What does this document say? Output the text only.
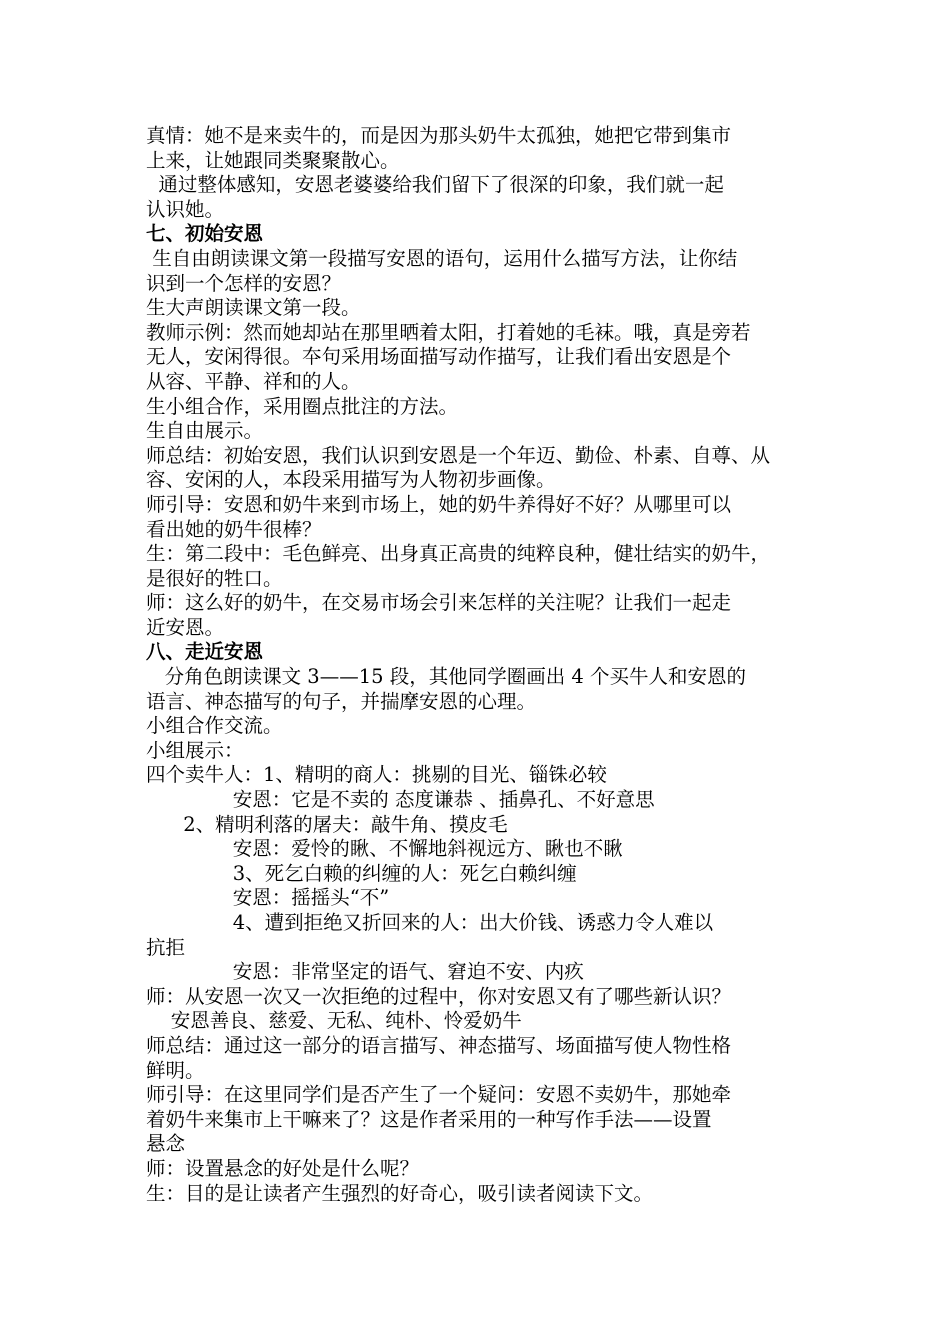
真情：她不是来卖牛的，而是因为那头奶牛太孤独，她把它带到集市
上来，让她跟同类聚聚散心。
通过整体感知，安恩老婆婆给我们留下了很深的印象，我们就一起
认识她。
七、初始安恩
生自由朗读课文第一段描写安恩的语句，运用什么描写方法，让你结
识到一个怎样的安恩？
生大声朗读课文第一段。
教师示例：然而她却站在那里晒着太阳，打着她的毛袜。哦，真是旁若
无人，安闲得很。夲句采用场面描写动作描写，让我们看出安恩是个
从容、平静、祥和的人。
生小组合作，采用圈点批注的方法。
生自由展示。
师总结：初始安恩，我们认识到安恩是一个年迈、勤俭、朴素、自尊、从
容、安闲的人，本段采用描写为人物初步画像。
师引导：安恩和奶牛来到市场上，她的奶牛养得好不好？从哪里可以
看出她的奶牛很棒？
生：第二段中：毛色鲜亮、出身真正高贵的纯粹良种，健壮结实的奶牛，
是很好的牲口。
师：这么好的奶牛，在交易市场会引来怎样的关注呢？让我们一起走
近安恩。
八、走近安恩
分角色朗读课文 3——15 段，其他同学圈画出 4 个买牛人和安恩的
语言、神态描写的句子，并揣摩安恩的心理。
小组合作交流。
小组展示：
四个卖牛人：1、精明的商人：挑剔的目光、锱铢必较
安恩：它是不卖的 态度谦恭 、插鼻孔、不好意思
2、精明利落的屠夫：敲牛角、摸皮毛
安恩：爱怜的瞅、不懈地斜视远方、瞅也不瞅
3、死乞白赖的纠缠的人：死乞白赖纠缠
安恩：摇摇头“不”
4、遭到拒绝又折回来的人：出大价钱、诱惑力令人难以
抗拒
安恩：非常坚定的语气、窘迫不安、内疚
师：从安恩一次又一次拒绝的过程中，你对安恩又有了哪些新认识？
安恩善良、慈爱、无私、纯朴、怜爱奶牛
师总结：通过这一部分的语言描写、神态描写、场面描写使人物性格
鲜明。
师引导：在这里同学们是否产生了一个疑问：安恩不卖奶牛，那她牵
着奶牛来集市上干嘛来了？这是作者采用的一种写作手法——设置
悬念
师：设置悬念的好处是什么呢？
生：目的是让读者产生强烈的好奇心，吸引读者阅读下文。
